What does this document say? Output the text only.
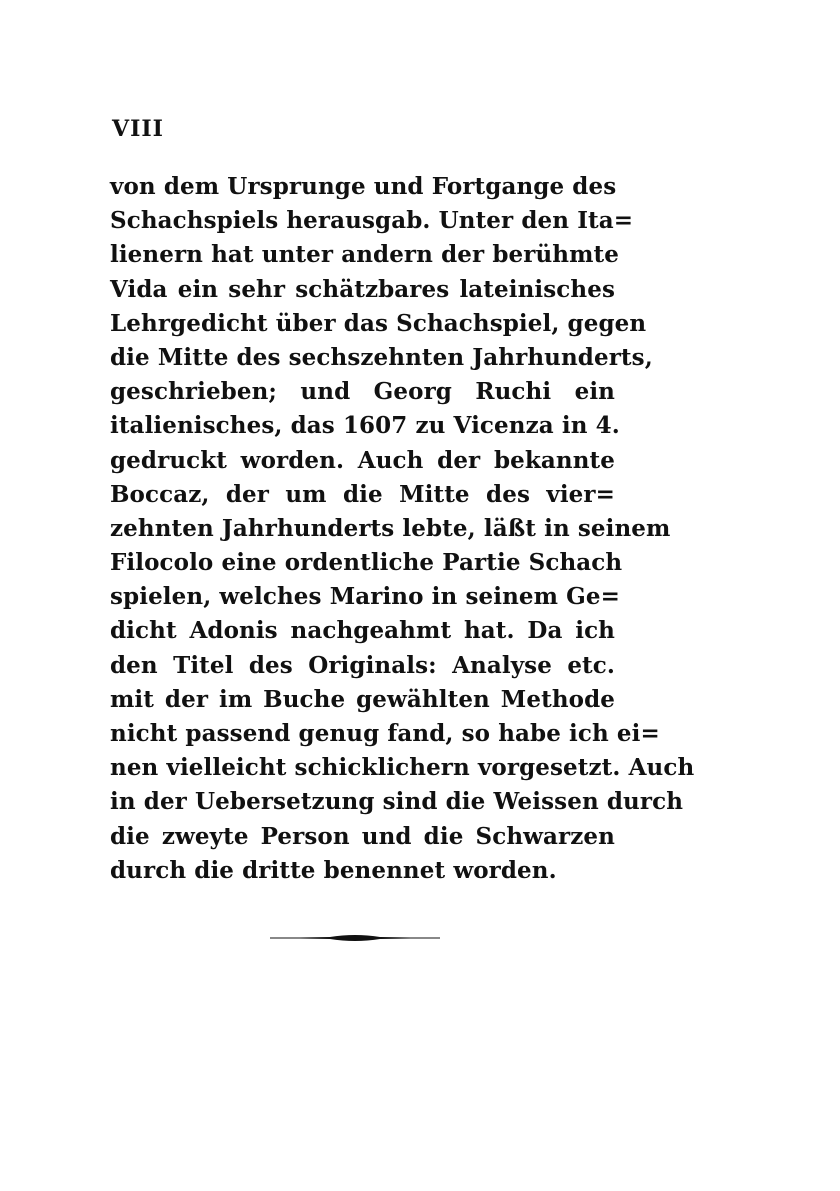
VIII
von dem Ursprunge und Fortgange des
Schachspiels herausgab. Unter den Ita=
lienern hat unter andern der berühmte
Vida ein sehr schätzbares lateinisches
Lehrgedicht über das Schachspiel, gegen
die Mitte des sechszehnten Jahrhunderts,
geschrieben; und Georg Ruchi ein
italienisches, das 1607 zu Vicenza in 4.
gedruckt worden. Auch der bekannte
Boccaz, der um die Mitte des vier=
zehnten Jahrhunderts lebte, läßt in seinem
Filocolo eine ordentliche Partie Schach
spielen, welches Marino in seinem Ge=
dicht Adonis nachgeahmt hat. Da ich
den Titel des Originals: Analyse etc.
mit der im Buche gewählten Methode
nicht passend genug fand, so habe ich ei=
nen vielleicht schicklichern vorgesetzt. Auch
in der Uebersetzung sind die Weissen durch
die zweyte Person und die Schwarzen
durch die dritte benennet worden.
